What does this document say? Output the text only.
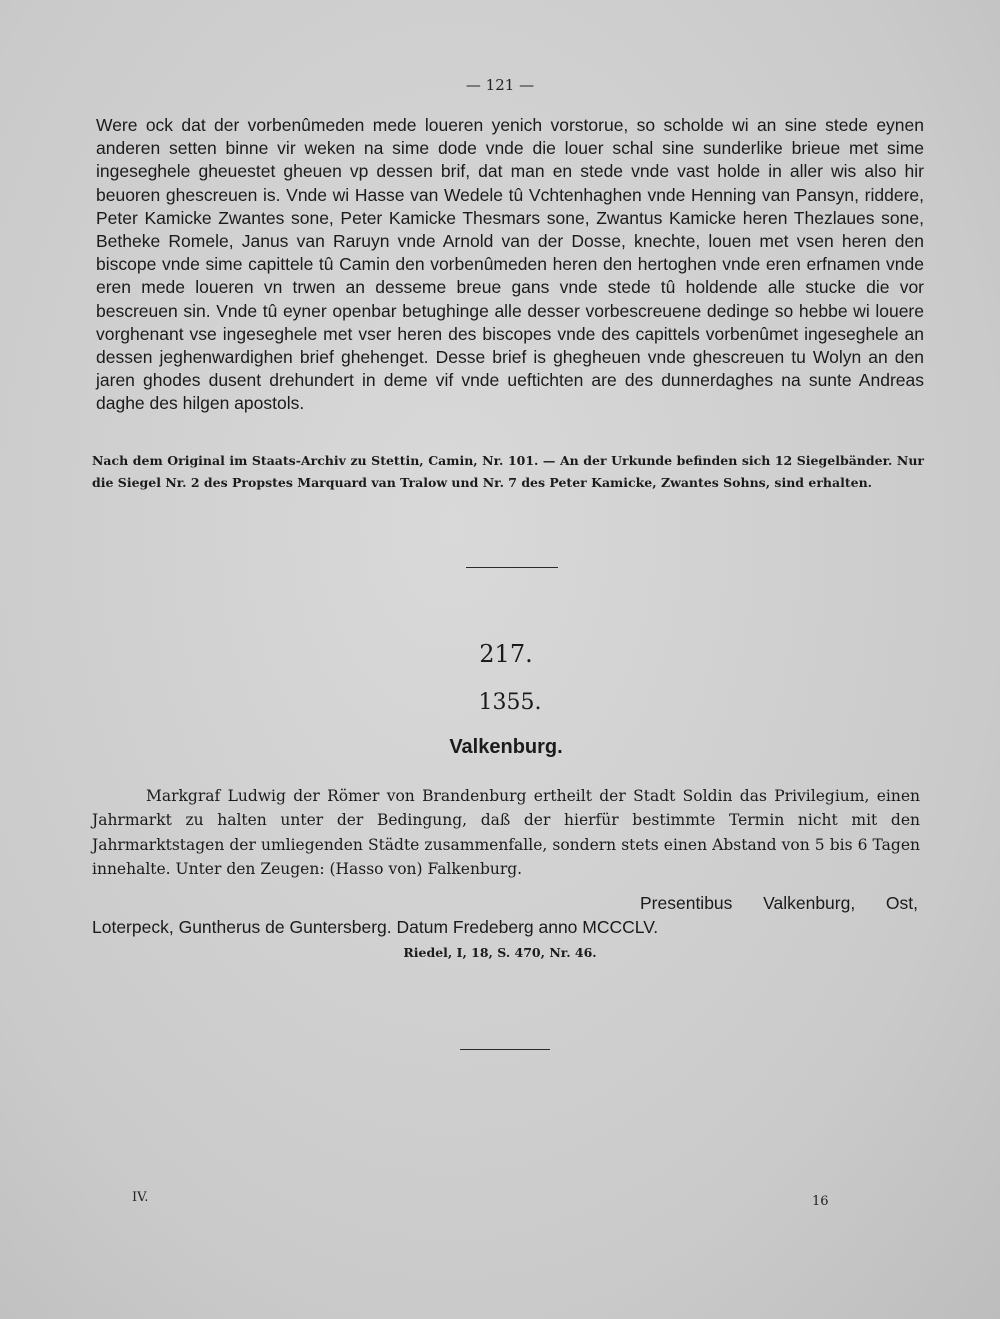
— 121 —

Were ock dat der vorbenûmeden mede loueren yenich vorstorue, so scholde wi an sine stede eynen anderen setten binne vir weken na sime dode vnde die louer schal sine sunderlike brieue met sime ingeseghele gheuestet gheuen vp dessen brif, dat man en stede vnde vast holde in aller wis also hir beuoren ghescreuen is. Vnde wi Hasse van Wedele tû Vchtenhaghen vnde Henning van Pansyn, riddere, Peter Kamicke Zwantes sone, Peter Kamicke Thesmars sone, Zwantus Kamicke heren Thezlaues sone, Betheke Romele, Janus van Raruyn vnde Arnold van der Dosse, knechte, louen met vsen heren den biscope vnde sime capittele tû Camin den vorbenûmeden heren den hertoghen vnde eren erfnamen vnde eren mede loueren vn trwen an desseme breue gans vnde stede tû holdende alle stucke die vor bescreuen sin. Vnde tû eyner openbar betughinge alle desser vorbescreuene dedinge so hebbe wi louere vorghenant vse ingeseghele met vser heren des biscopes vnde des capittels vorbenûmet ingeseghele an dessen jeghenwardighen brief ghehenget. Desse brief is ghegheuen vnde ghescreuen tu Wolyn an den jaren ghodes dusent drehundert in deme vif vnde ueftichten are des dunnerdaghes na sunte Andreas daghe des hilgen apostols.

Nach dem Original im Staats-Archiv zu Stettin, Camin, Nr. 101. — An der Urkunde befinden sich 12 Siegelbänder. Nur die Siegel Nr. 2 des Propstes Marquard van Tralow und Nr. 7 des Peter Kamicke, Zwantes Sohns, sind erhalten.
217.
1355.
Valkenburg.

Markgraf Ludwig der Römer von Brandenburg ertheilt der Stadt Soldin das Privilegium, einen Jahrmarkt zu halten unter der Bedingung, daß der hierfür bestimmte Termin nicht mit den Jahrmarktstagen der umliegenden Städte zusammenfalle, sondern stets einen Abstand von 5 bis 6 Tagen innehalte. Unter den Zeugen: (Hasso von) Falkenburg.

Presentibus Valkenburg, Ost, Loterpeck, Guntherus de Guntersberg. Datum Fredeberg anno MCCCLV.

Riedel, I, 18, S. 470, Nr. 46.
IV.	16
